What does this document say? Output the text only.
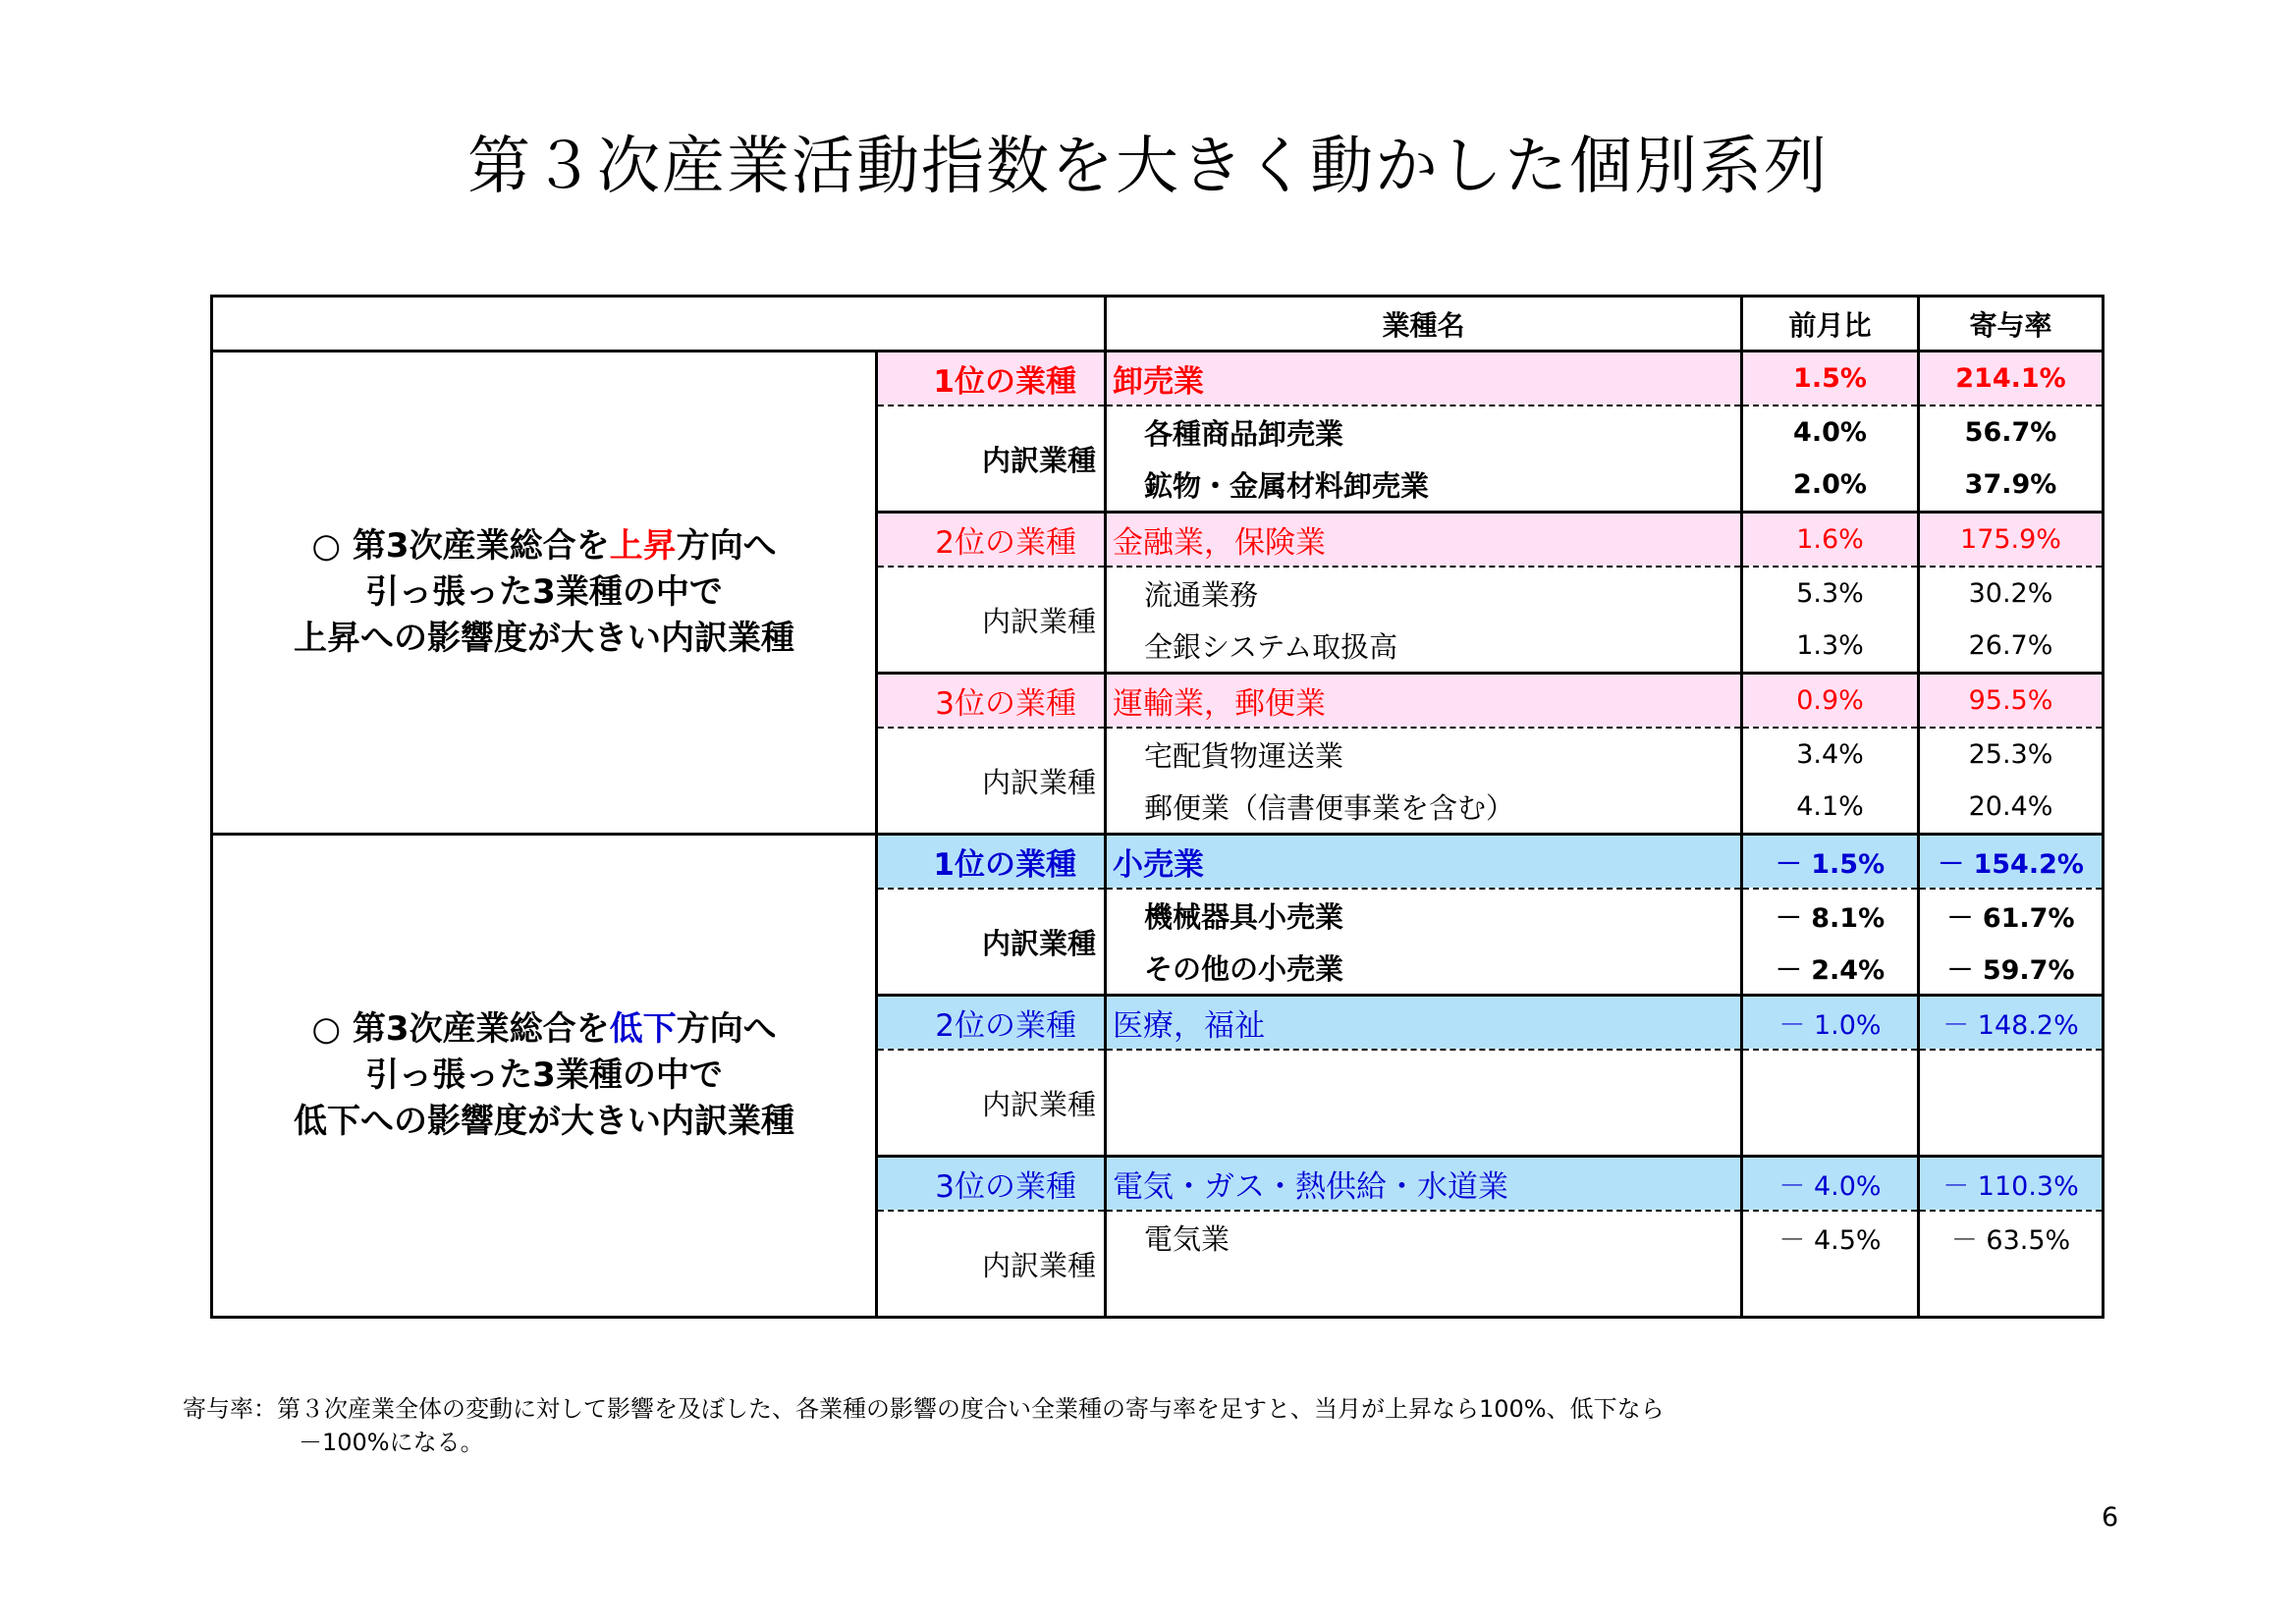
第３次産業活動指数を大きく動かした個別系列
		業種名	前月比	寄与率

○ 第3次産業総合を上昇方向へ
引っ張った3業種の中で
上昇への影響度が大きい内訳業種	1位の業種	卸売業	1.5%	214.1%
	内訳業種	各種商品卸売業	4.0%	56.7%
		鉱物・金属材料卸売業	2.0%	37.9%
	2位の業種	金融業，保険業	1.6%	175.9%
	内訳業種	流通業務	5.3%	30.2%
		全銀システム取扱高	1.3%	26.7%
	3位の業種	運輸業，郵便業	0.9%	95.5%
	内訳業種	宅配貨物運送業	3.4%	25.3%
		郵便業（信書便事業を含む）	4.1%	20.4%

○ 第3次産業総合を低下方向へ
引っ張った3業種の中で
低下への影響度が大きい内訳業種	1位の業種	小売業	－ 1.5%	－ 154.2%
	内訳業種	機械器具小売業	－ 8.1%	－ 61.7%
		その他の小売業	－ 2.4%	－ 59.7%
	2位の業種	医療，福祉	－ 1.0%	－ 148.2%
	内訳業種			

	3位の業種	電気・ガス・熱供給・水道業	－ 4.0%	－ 110.3%
	内訳業種	電気業	－ 4.5%	－ 63.5%

寄与率：第３次産業全体の変動に対して影響を及ぼした、各業種の影響の度合い全業種の寄与率を足すと、当月が上昇なら100%、低下なら
－100%になる。
6
